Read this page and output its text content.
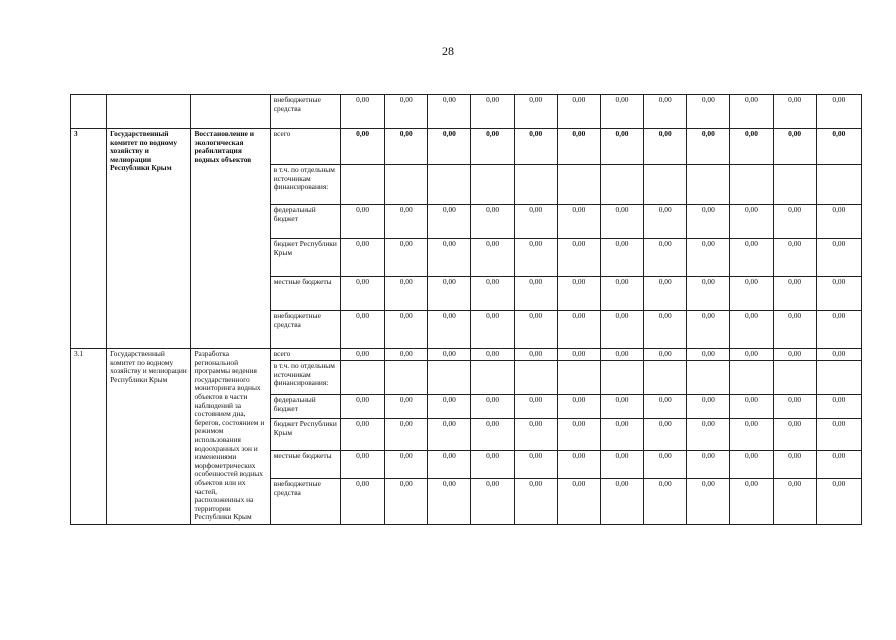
28
			внебюджетные средства	0,00	0,00	0,00	0,00	0,00	0,00	0,00	0,00	0,00	0,00	0,00	0,00
3	Государственный комитет по водному хозяйству и мелиорации Республики Крым	Восстановление и экологическая реабилитация водных объектов	всего	0,00	0,00	0,00	0,00	0,00	0,00	0,00	0,00	0,00	0,00	0,00	0,00
			в т.ч. по отдельным источникам финансирования:												
			федеральный бюджет	0,00	0,00	0,00	0,00	0,00	0,00	0,00	0,00	0,00	0,00	0,00	0,00
			бюджет Республики Крым	0,00	0,00	0,00	0,00	0,00	0,00	0,00	0,00	0,00	0,00	0,00	0,00
			местные бюджеты	0,00	0,00	0,00	0,00	0,00	0,00	0,00	0,00	0,00	0,00	0,00	0,00
			внебюджетные средства	0,00	0,00	0,00	0,00	0,00	0,00	0,00	0,00	0,00	0,00	0,00	0,00
3.1	Государственный комитет по водному хозяйству и мелиорации Республики Крым	Разработка региональной программы ведения государственного мониторинга водных объектов в части наблюдений за состоянием дна, берегов, состоянием и режимом использования водоохранных зон и изменениями морфометрических особенностей водных объектов или их частей, расположенных на территории Республики Крым	всего	0,00	0,00	0,00	0,00	0,00	0,00	0,00	0,00	0,00	0,00	0,00	0,00
			в т.ч. по отдельным источникам финансирования:												
			федеральный бюджет	0,00	0,00	0,00	0,00	0,00	0,00	0,00	0,00	0,00	0,00	0,00	0,00
			бюджет Республики Крым	0,00	0,00	0,00	0,00	0,00	0,00	0,00	0,00	0,00	0,00	0,00	0,00
			местные бюджеты	0,00	0,00	0,00	0,00	0,00	0,00	0,00	0,00	0,00	0,00	0,00	0,00
			внебюджетные средства	0,00	0,00	0,00	0,00	0,00	0,00	0,00	0,00	0,00	0,00	0,00	0,00
